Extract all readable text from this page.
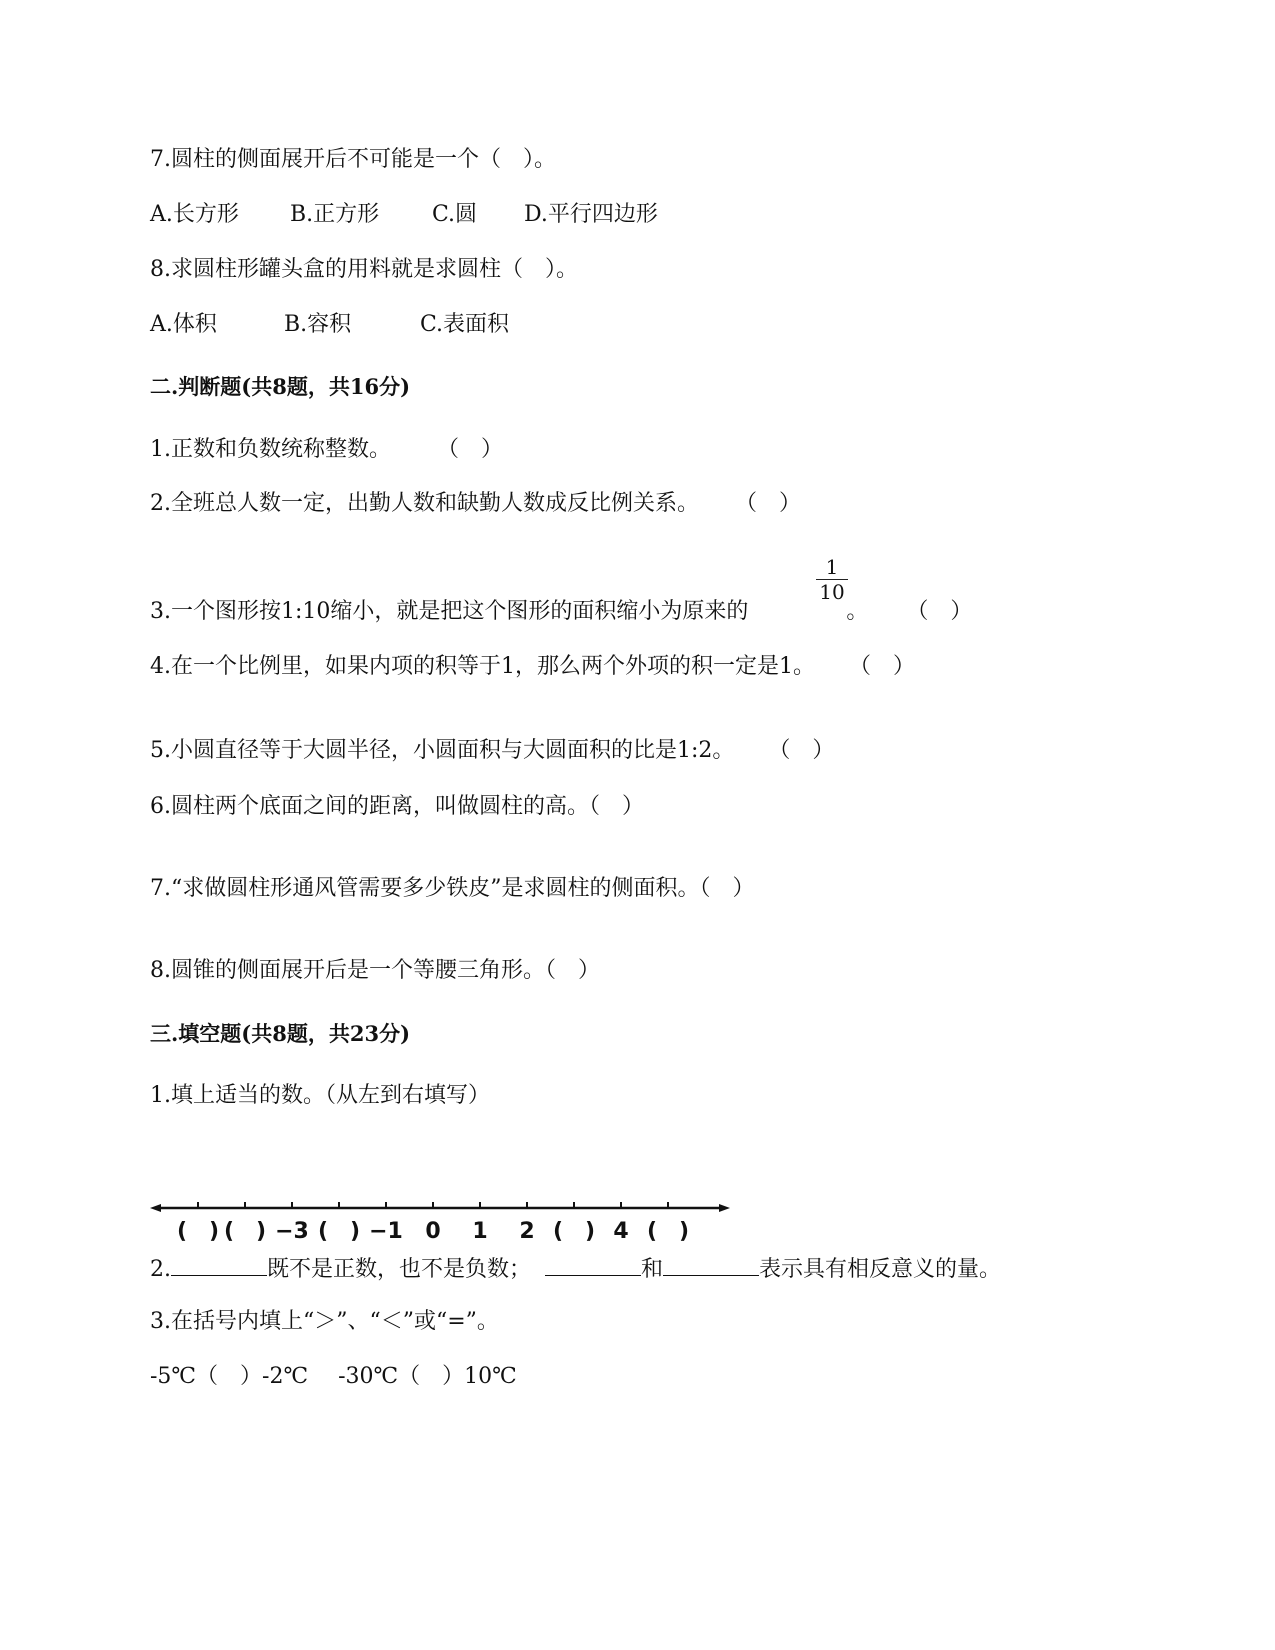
7.圆柱的侧面展开后不可能是一个（　）。
A.长方形 B.正方形 C.圆 D.平行四边形
8.求圆柱形罐头盒的用料就是求圆柱（　）。
A.体积	B.容积	C.表面积
二.判断题(共8题，共16分)
1.正数和负数统称整数。 （　）
2.全班总人数一定，出勤人数和缺勤人数成反比例关系。 （　）
1
10
3.一个图形按1:10缩小，就是把这个图形的面积缩小为原来的	。 （　）
4.在一个比例里，如果内项的积等于1，那么两个外项的积一定是1。 （　）
5.小圆直径等于大圆半径，小圆面积与大圆面积的比是1:2。 （　）
6.圆柱两个底面之间的距离，叫做圆柱的高。（　）
7.“求做圆柱形通风管需要多少铁皮”是求圆柱的侧面积。（　）
8.圆锥的侧面展开后是一个等腰三角形。（　）
三.填空题(共8题，共23分)
1.填上适当的数。（从左到右填写）
(　) (　) −3 (　) −1 0 1 2 (　) 4 (　)
2.	既不是正数，也不是负数；	和	表示具有相反意义的量。
3.在括号内填上“＞”、“＜”或“=”。
-5℃（　）-2℃ -30℃（　）10℃
